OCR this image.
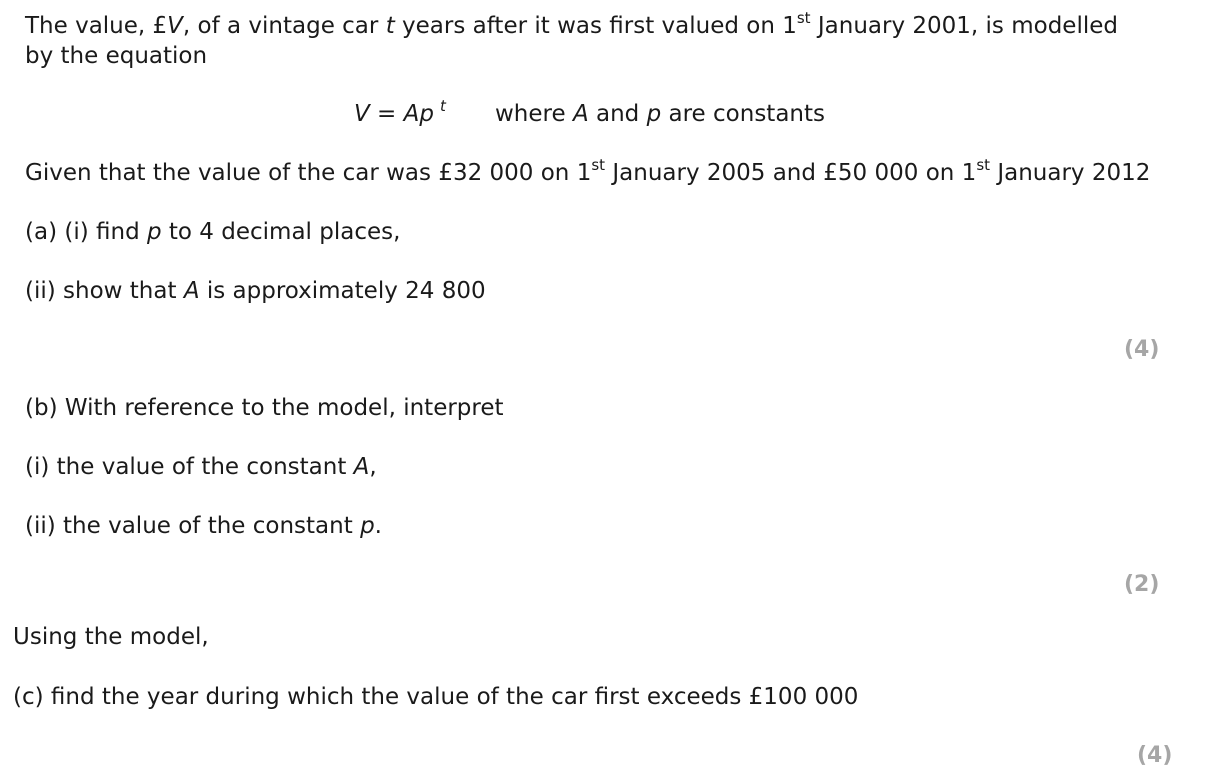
The value, £V, of a vintage car t years after it was first valued on 1st January 2001, is modelled
by the equation
V = Ap $^t$ where A and p are constants
Given that the value of the car was £32 000 on 1st January 2005 and £50 000 on 1st January 2012
(a) (i) find p to 4 decimal places,
(ii) show that A is approximately 24 800
(4)
(b) With reference to the model, interpret
(i) the value of the constant A,
(ii) the value of the constant p.
(2)
Using the model,
(c) find the year during which the value of the car first exceeds £100 000
(4)
